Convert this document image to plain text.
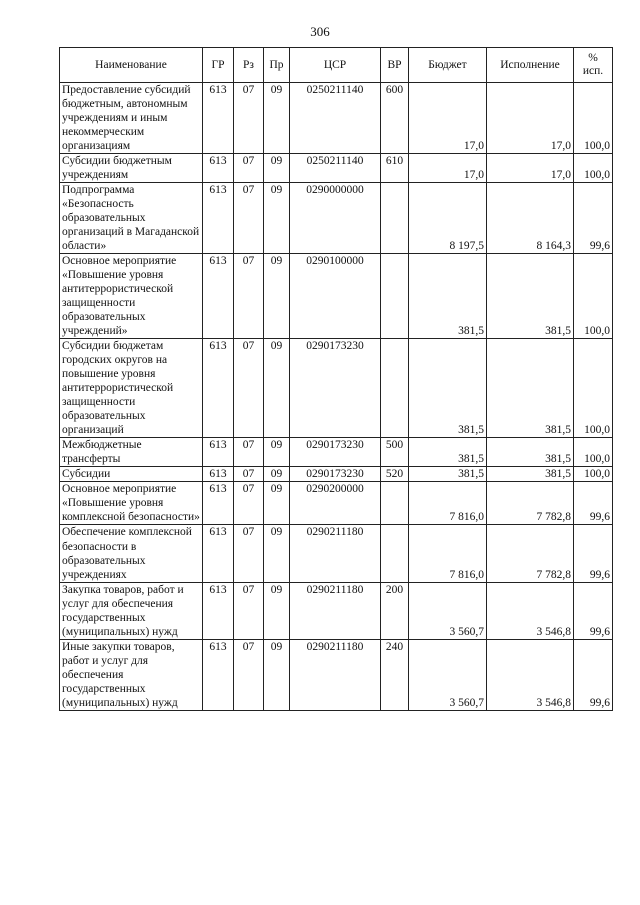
306
Наименование	ГР	Рз	Пр	ЦСР	ВР	Бюджет	Исполнение	%
исп.

Предоставление субсидий бюджетным, автономным учреждениям и иным некоммерческим организациям	613	07	09	0250211140	600	17,0	17,0	100,0
Субсидии бюджетным учреждениям	613	07	09	0250211140	610	17,0	17,0	100,0
Подпрограмма «Безопасность образовательных организаций в Магаданской области»	613	07	09	0290000000		8 197,5	8 164,3	99,6
Основное мероприятие «Повышение уровня антитеррористической защищенности образовательных учреждений»	613	07	09	0290100000		381,5	381,5	100,0
Субсидии бюджетам городских округов на повышение уровня антитеррористической защищенности образовательных организаций	613	07	09	0290173230		381,5	381,5	100,0
Межбюджетные трансферты	613	07	09	0290173230	500	381,5	381,5	100,0
Субсидии	613	07	09	0290173230	520	381,5	381,5	100,0
Основное мероприятие «Повышение уровня комплексной безопасности»	613	07	09	0290200000		7 816,0	7 782,8	99,6
Обеспечение комплексной безопасности в образовательных учреждениях	613	07	09	0290211180		7 816,0	7 782,8	99,6
Закупка товаров, работ и услуг для обеспечения государственных (муниципальных) нужд	613	07	09	0290211180	200	3 560,7	3 546,8	99,6
Иные закупки товаров, работ и услуг для обеспечения государственных (муниципальных) нужд	613	07	09	0290211180	240	3 560,7	3 546,8	99,6
